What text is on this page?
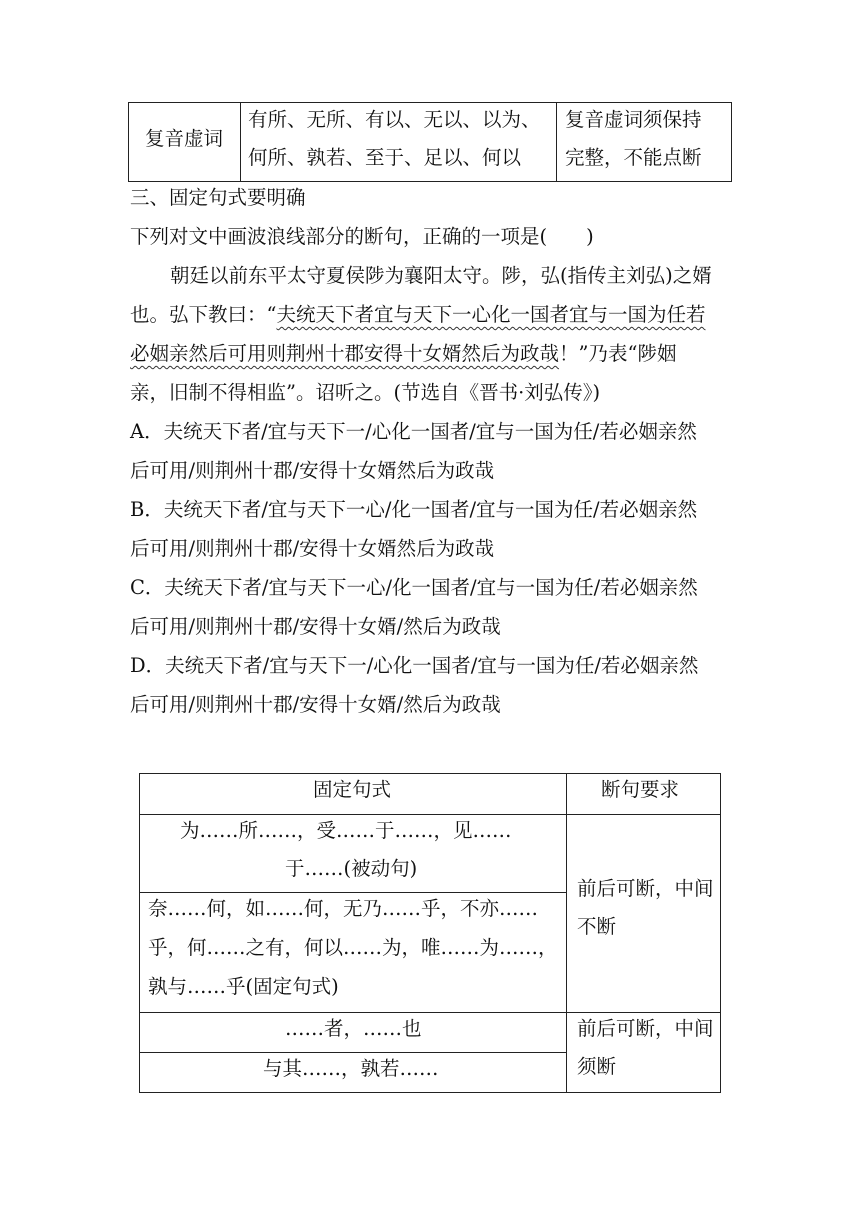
复音虚词
有所、无所、有以、无以、以为、
何所、孰若、至于、足以、何以
复音虚词须保持
完整，不能点断
三、固定句式要明确
下列对文中画波浪线部分的断句，正确的一项是(　　)
朝廷以前东平太守夏侯陟为襄阳太守。陟，弘(指传主刘弘)之婿
也。弘下教曰：“夫统天下者宜与天下一心化一国者宜与一国为任若
必姻亲然后可用则荆州十郡安得十女婿然后为政哉！”乃表“陟姻
亲，旧制不得相监”。诏听之。(节选自《晋书·刘弘传》)
A．夫统天下者/宜与天下一/心化一国者/宜与一国为任/若必姻亲然
后可用/则荆州十郡/安得十女婿然后为政哉
B．夫统天下者/宜与天下一心/化一国者/宜与一国为任/若必姻亲然
后可用/则荆州十郡/安得十女婿然后为政哉
C．夫统天下者/宜与天下一心/化一国者/宜与一国为任/若必姻亲然
后可用/则荆州十郡/安得十女婿/然后为政哉
D．夫统天下者/宜与天下一/心化一国者/宜与一国为任/若必姻亲然
后可用/则荆州十郡/安得十女婿/然后为政哉
固定句式	断句要求
为……所……，受……于……，见……
于……(被动句)
奈……何，如……何，无乃……乎，不亦……
乎，何……之有，何以……为，唯……为……，
孰与……乎(固定句式)
前后可断，中间
不断
……者，……也
与其……，孰若……
前后可断，中间
须断
